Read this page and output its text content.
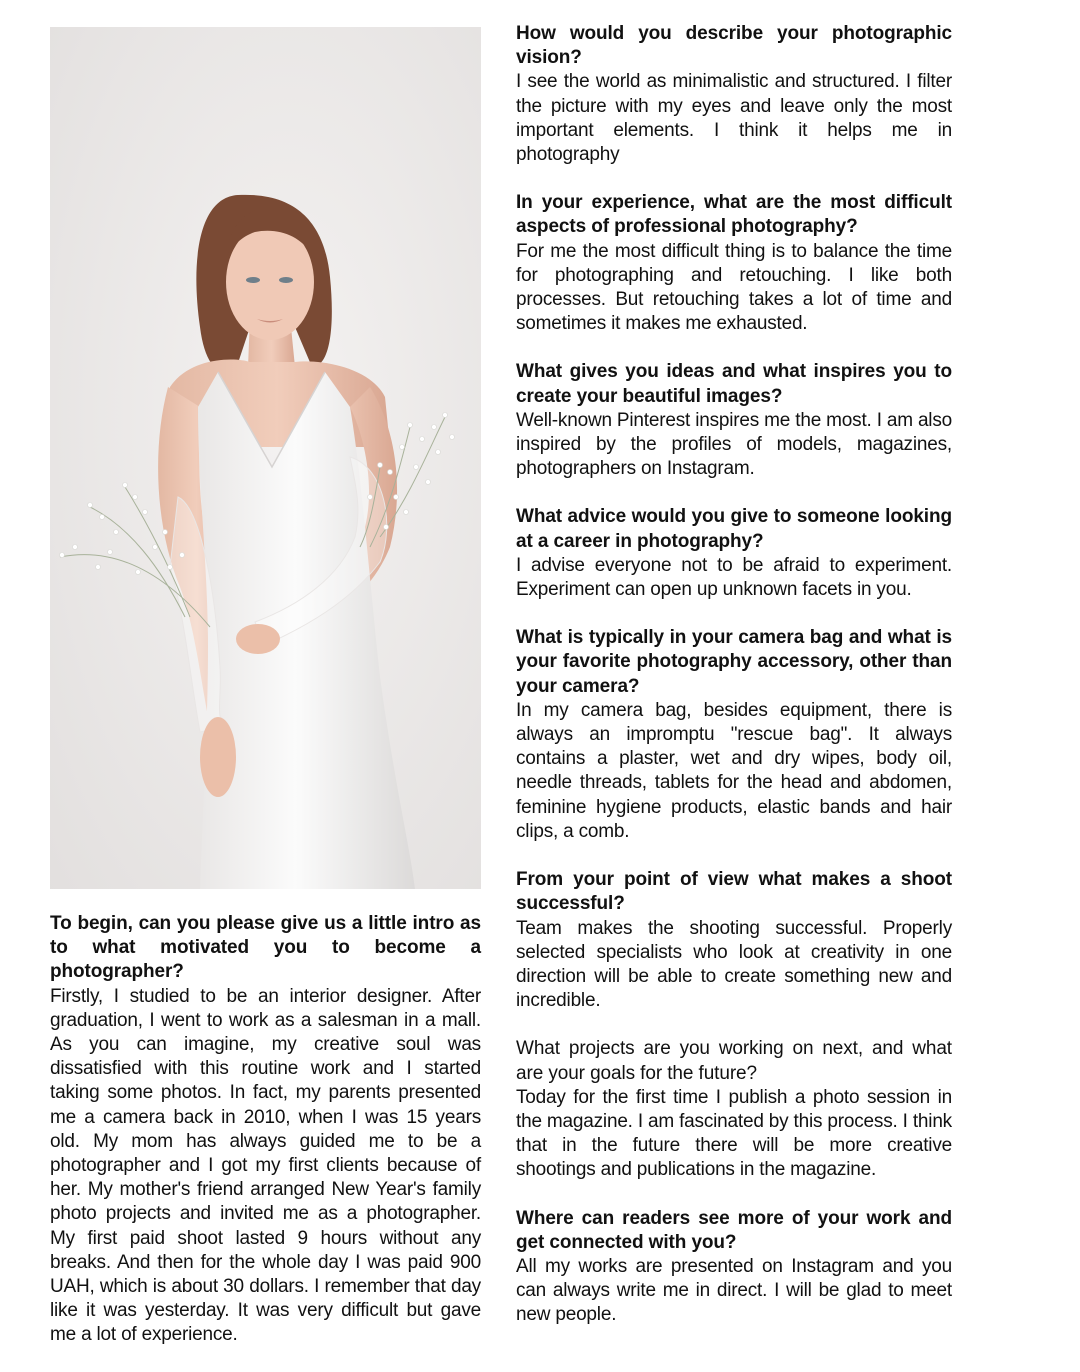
To begin, can you please give us a little intro as to what motivated you to become a photographer?

Firstly, I studied to be an interior designer. After graduation, I went to work as a salesman in a mall. As you can imagine, my creative soul was dissatisfied with this routine work and I started taking some photos. In fact, my parents presented me a camera back in 2010, when I was 15 years old. My mom has always guided me to be a photographer and I got my first clients because of her. My mother's friend arranged New Year's family photo projects and invited me as a photographer. My first paid shoot lasted 9 hours without any breaks. And then for the whole day I was paid 900 UAH, which is about 30 dollars. I remember that day like it was yesterday. It was very difficult but gave me a lot of experience.

How would you describe your photographic vision?

I see the world as minimalistic and structured. I filter the picture with my eyes and leave only the most important elements. I think it helps me in photography

In your experience, what are the most difficult aspects of professional photography?

For me the most difficult thing is to balance the time for photographing and retouching. I like both processes. But retouching takes a lot of time and sometimes it makes me exhausted.

What gives you ideas and what inspires you to create your beautiful images?

Well-known Pinterest inspires me the most. I am also inspired by the profiles of models, magazines, photographers on Instagram.

What advice would you give to someone looking at a career in photography?

I advise everyone not to be afraid to experiment. Experiment can open up unknown facets in you.

What is typically in your camera bag and what is your favorite photography accessory, other than your camera?

In my camera bag, besides equipment, there is always an impromptu "rescue bag". It always contains a plaster, wet and dry wipes, body oil, needle threads, tablets for the head and abdomen, feminine hygiene products, elastic bands and hair clips, a comb.

From your point of view what makes a shoot successful?

Team makes the shooting successful. Properly selected specialists who look at creativity in one direction will be able to create something new and incredible.

What projects are you working on next, and what are your goals for the future?

Today for the first time I publish a photo session in the magazine. I am fascinated by this process. I think that in the future there will be more creative shootings and publications in the magazine.

Where can readers see more of your work and get connected with you?

All my works are presented on Instagram and you can always write me in direct. I will be glad to meet new people.
